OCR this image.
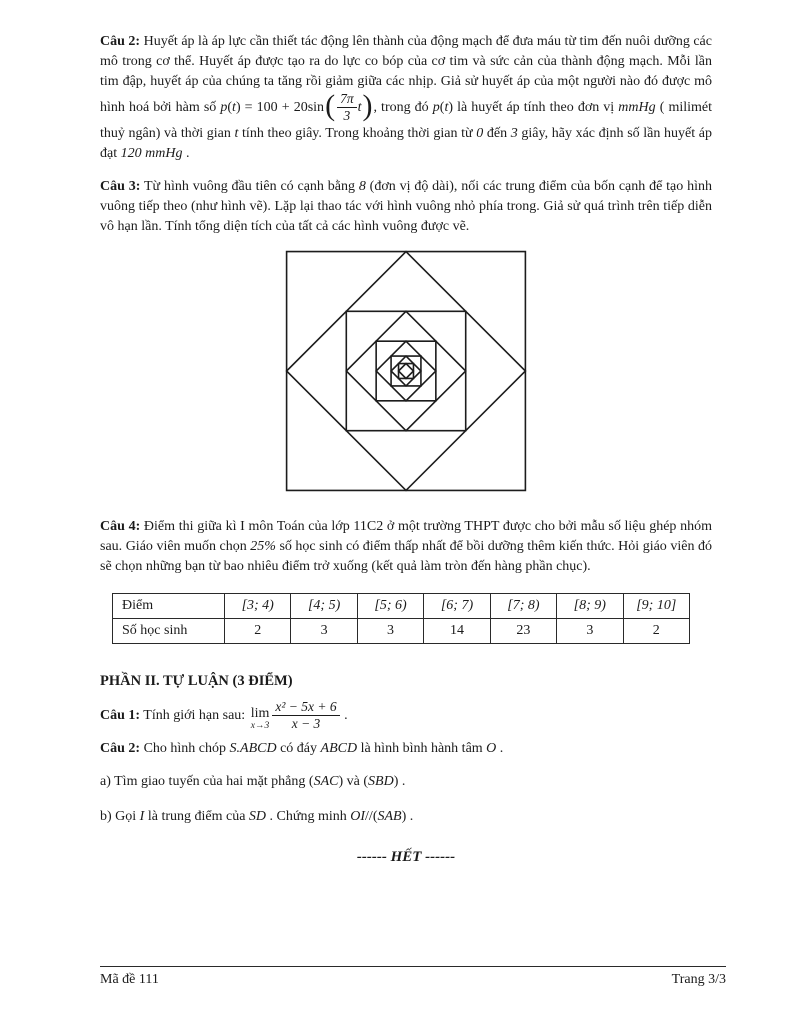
Câu 2: Huyết áp là áp lực cần thiết tác động lên thành của động mạch để đưa máu từ tim đến nuôi dưỡng các mô trong cơ thể. Huyết áp được tạo ra do lực co bóp của cơ tim và sức cản của thành động mạch. Mỗi lần tim đập, huyết áp của chúng ta tăng rồi giảm giữa các nhịp. Giả sử huyết áp của một người nào đó được mô hình hoá bởi hàm số $p(t) = 100 + 20\sin( \frac{7\pi}{3} t)$, trong đó p(t) là huyết áp tính theo đơn vị mmHg ( milimét thuỷ ngân) và thời gian t tính theo giây. Trong khoảng thời gian từ 0 đến 3 giây, hãy xác định số lần huyết áp đạt 120 mmHg .

Câu 3: Từ hình vuông đầu tiên có cạnh bằng 8 (đơn vị độ dài), nối các trung điểm của bốn cạnh để tạo hình vuông tiếp theo (như hình vẽ). Lặp lại thao tác với hình vuông nhỏ phía trong. Giả sử quá trình trên tiếp diễn vô hạn lần. Tính tổng diện tích của tất cả các hình vuông được vẽ.

Câu 4: Điểm thi giữa kì I môn Toán của lớp 11C2 ở một trường THPT được cho bởi mẫu số liệu ghép nhóm sau. Giáo viên muốn chọn 25% số học sinh có điểm thấp nhất để bồi dưỡng thêm kiến thức. Hỏi giáo viên đó sẽ chọn những bạn từ bao nhiêu điểm trở xuống (kết quả làm tròn đến hàng phần chục).

Điểm	[3; 4)	[4; 5)	[5; 6)	[6; 7)	[7; 8)	[8; 9)	[9; 10]
Số học sinh	2	3	3	14	23	3	2
PHẦN II. TỰ LUẬN (3 ĐIỂM)

Câu 1: Tính giới hạn sau: lim
$x\to 3 \frac{\text{x² − 5x + 6}}{x - 3}$ .

Câu 2: Cho hình chóp S.ABCD có đáy ABCD là hình bình hành tâm O .

a) Tìm giao tuyến của hai mặt phẳng (SAC) và (SBD) .

b) Gọi I là trung điểm của SD . Chứng minh OI//(SAB) .

------ HẾT ------
Mã đề 111	Trang 3/3
